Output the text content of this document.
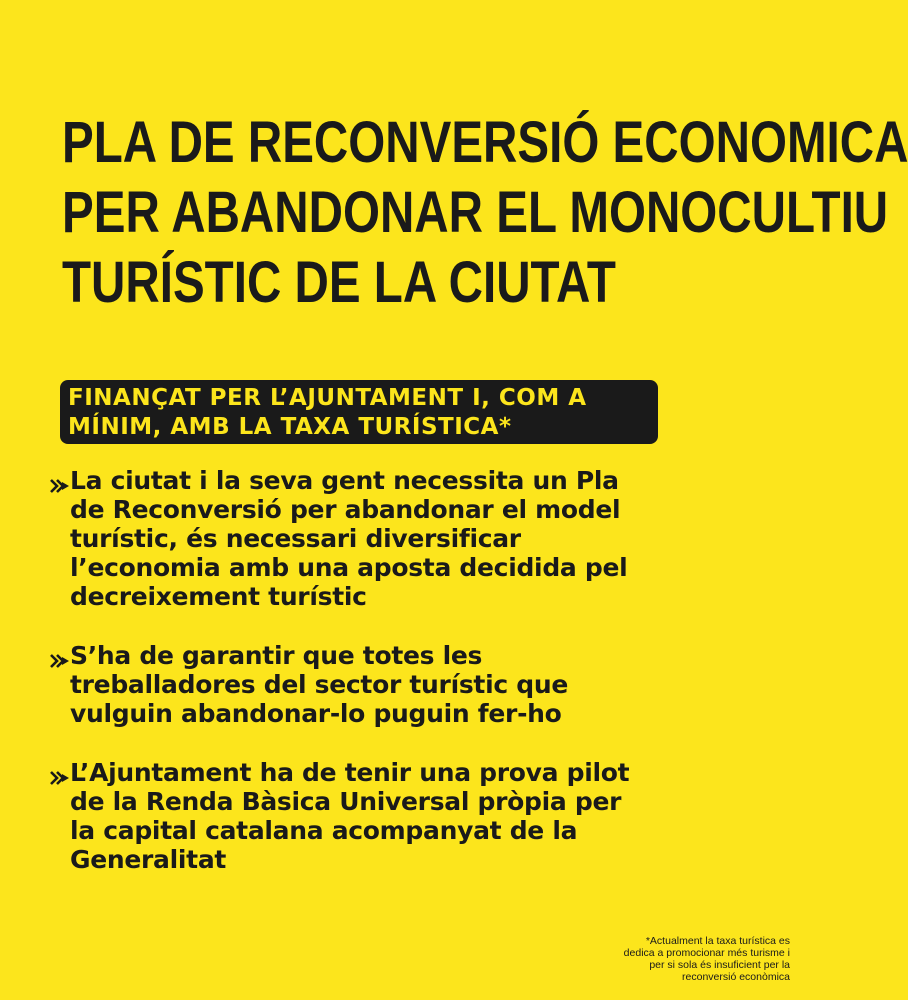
PLA DE RECONVERSIÓ ECONOMICA
PER ABANDONAR EL MONOCULTIU
TURÍSTIC DE LA CIUTAT
FINANÇAT PER L’AJUNTAMENT I, COM A
MÍNIM, AMB LA TAXA TURÍSTICA*
La ciutat i la seva gent necessita un Pla
de Reconversió per abandonar el model
turístic, és necessari diversificar
l’economia amb una aposta decidida pel
decreixement turístic
S’ha de garantir que totes les
treballadores del sector turístic que
vulguin abandonar-lo puguin fer-ho
L’Ajuntament ha de tenir una prova pilot
de la Renda Bàsica Universal pròpia per
la capital catalana acompanyat de la
Generalitat
*Actualment la taxa turística es
dedica a promocionar més turisme i
per si sola és insuficient per la
reconversió econòmica
